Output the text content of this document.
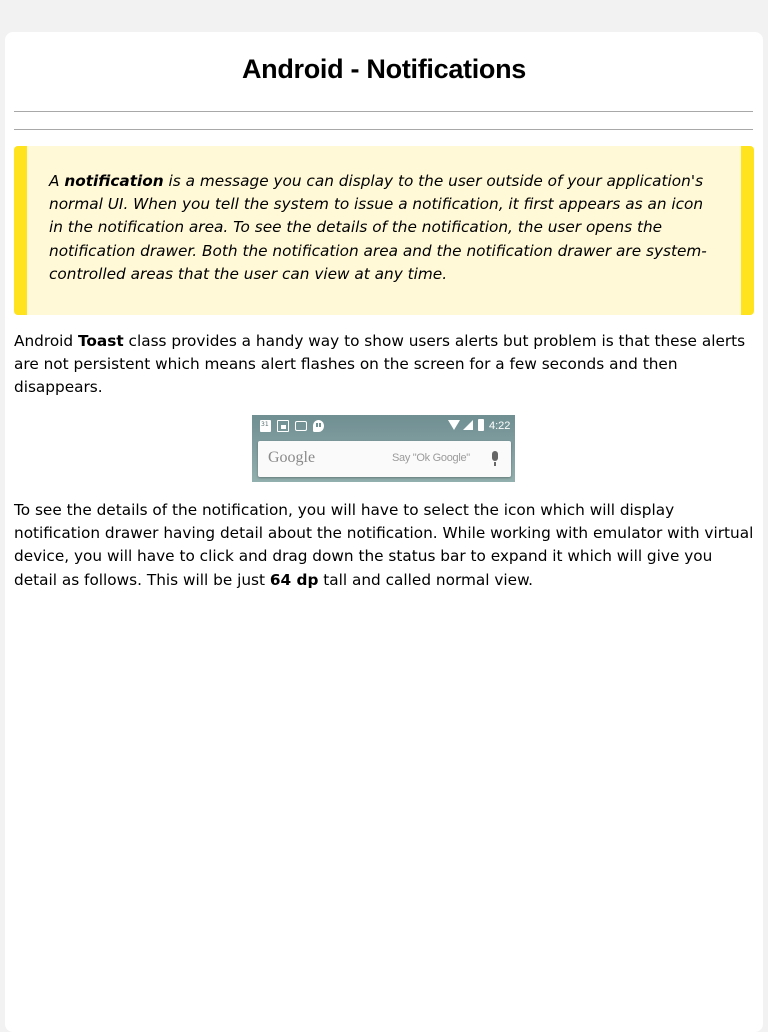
Android - Notifications

A notification is a message you can display to the user outside of your application's normal UI. When you tell the system to issue a notification, it first appears as an icon in the notification area. To see the details of the notification, the user opens the notification drawer. Both the notification area and the notification drawer are system-controlled areas that the user can view at any time.

Android Toast class provides a handy way to show users alerts but problem is that these alerts are not persistent which means alert flashes on the screen for a few seconds and then disappears.

31
4:22
Google	Say "Ok Google"

To see the details of the notification, you will have to select the icon which will display notification drawer having detail about the notification. While working with emulator with virtual device, you will have to click and drag down the status bar to expand it which will give you detail as follows. This will be just 64 dp tall and called normal view.
